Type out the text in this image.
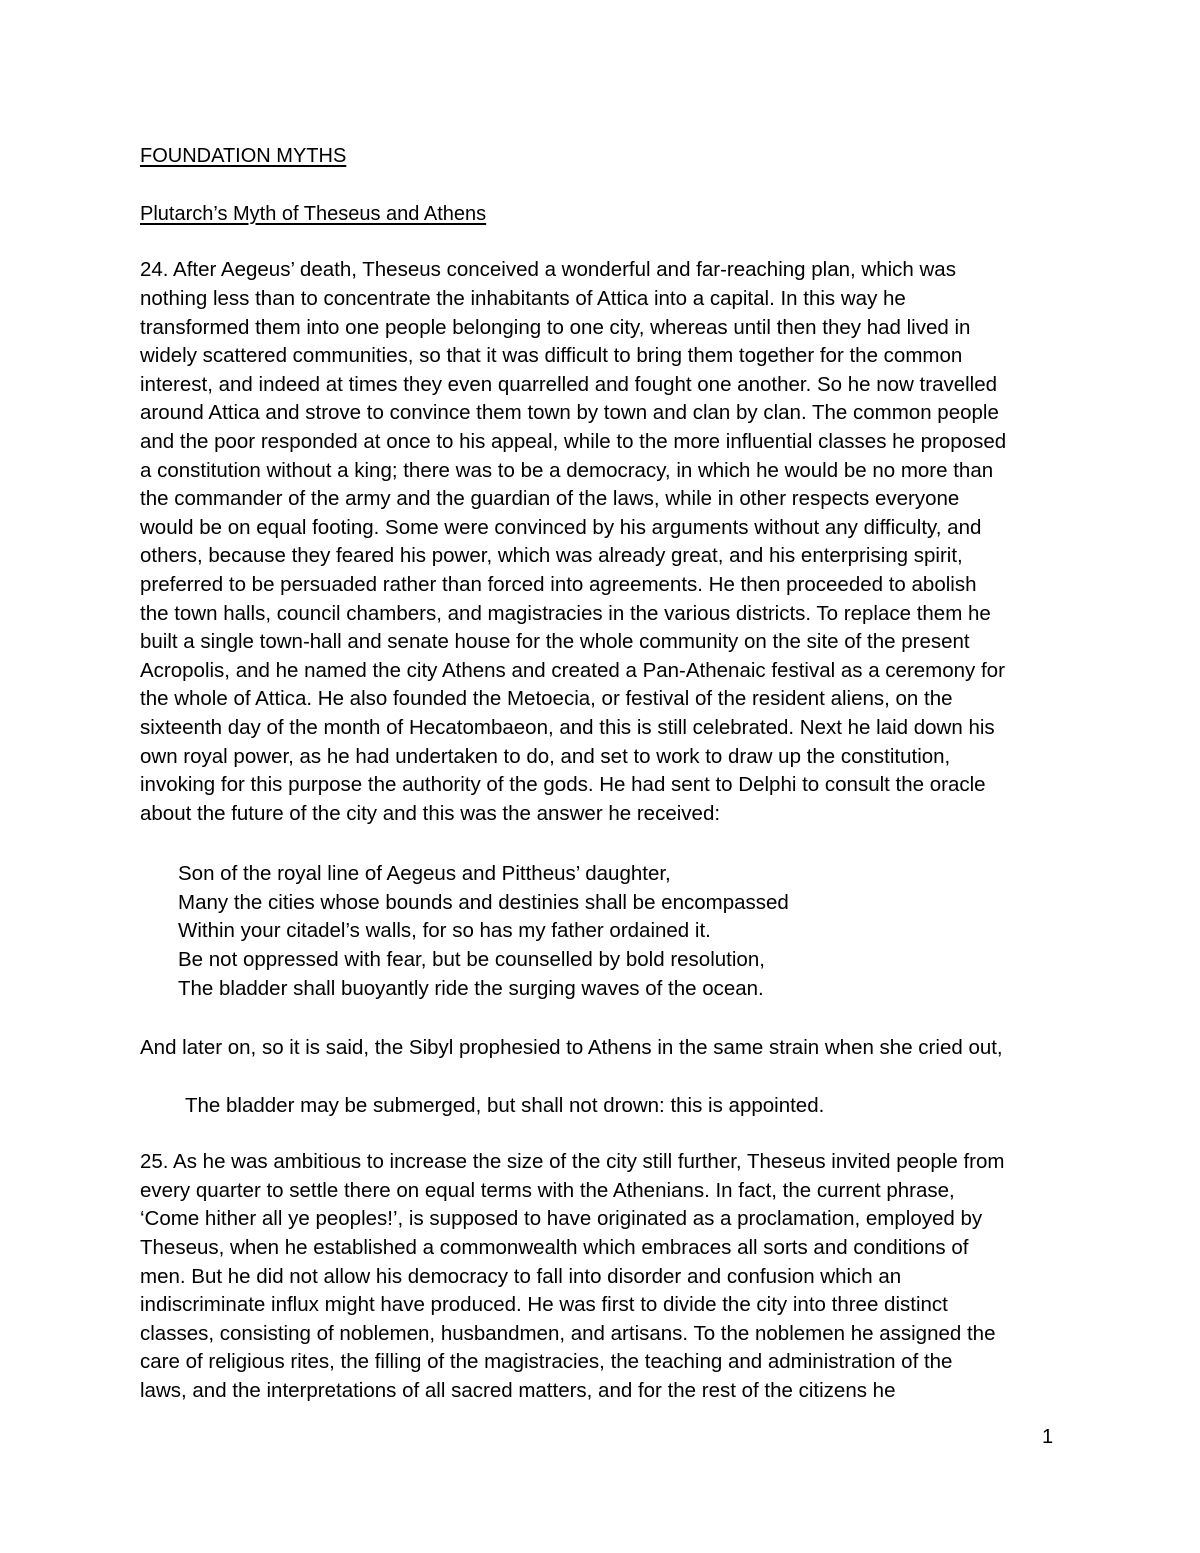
FOUNDATION MYTHS
Plutarch’s Myth of Theseus and Athens
24. After Aegeus’ death, Theseus conceived a wonderful and far-reaching plan, which was
nothing less than to concentrate the inhabitants of Attica into a capital. In this way he
transformed them into one people belonging to one city, whereas until then they had lived in
widely scattered communities, so that it was difficult to bring them together for the common
interest, and indeed at times they even quarrelled and fought one another. So he now travelled
around Attica and strove to convince them town by town and clan by clan. The common people
and the poor responded at once to his appeal, while to the more influential classes he proposed
a constitution without a king; there was to be a democracy, in which he would be no more than
the commander of the army and the guardian of the laws, while in other respects everyone
would be on equal footing. Some were convinced by his arguments without any difficulty, and
others, because they feared his power, which was already great, and his enterprising spirit,
preferred to be persuaded rather than forced into agreements. He then proceeded to abolish
the town halls, council chambers, and magistracies in the various districts. To replace them he
built a single town-hall and senate house for the whole community on the site of the present
Acropolis, and he named the city Athens and created a Pan-Athenaic festival as a ceremony for
the whole of Attica. He also founded the Metoecia, or festival of the resident aliens, on the
sixteenth day of the month of Hecatombaeon, and this is still celebrated. Next he laid down his
own royal power, as he had undertaken to do, and set to work to draw up the constitution,
invoking for this purpose the authority of the gods. He had sent to Delphi to consult the oracle
about the future of the city and this was the answer he received:
Son of the royal line of Aegeus and Pittheus’ daughter,
Many the cities whose bounds and destinies shall be encompassed
Within your citadel’s walls, for so has my father ordained it.
Be not oppressed with fear, but be counselled by bold resolution,
The bladder shall buoyantly ride the surging waves of the ocean.
And later on, so it is said, the Sibyl prophesied to Athens in the same strain when she cried out,
The bladder may be submerged, but shall not drown: this is appointed.
25. As he was ambitious to increase the size of the city still further, Theseus invited people from
every quarter to settle there on equal terms with the Athenians. In fact, the current phrase,
‘Come hither all ye peoples!’, is supposed to have originated as a proclamation, employed by
Theseus, when he established a commonwealth which embraces all sorts and conditions of
men. But he did not allow his democracy to fall into disorder and confusion which an
indiscriminate influx might have produced. He was first to divide the city into three distinct
classes, consisting of noblemen, husbandmen, and artisans. To the noblemen he assigned the
care of religious rites, the filling of the magistracies, the teaching and administration of the
laws, and the interpretations of all sacred matters, and for the rest of the citizens he
1
